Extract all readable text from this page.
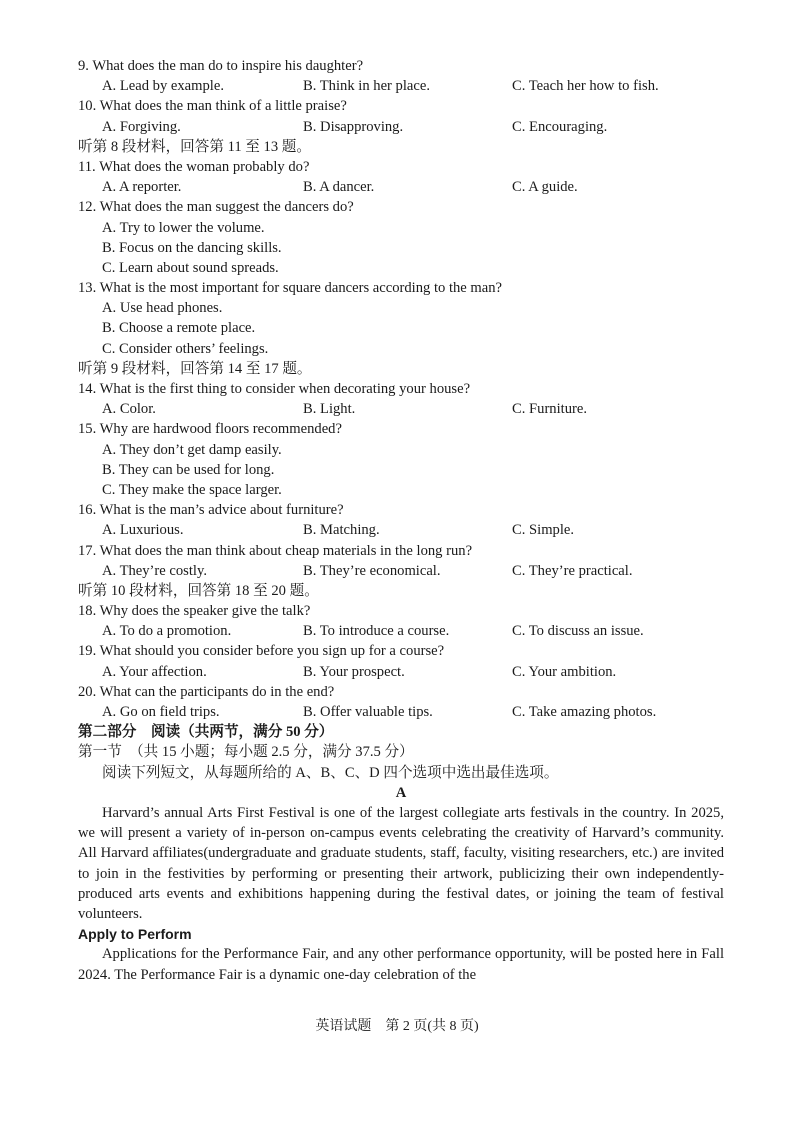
9. What does the man do to inspire his daughter?
A. Lead by example.	B. Think in her place.	C. Teach her how to fish.
10. What does the man think of a little praise?
A. Forgiving.	B. Disapproving.	C. Encouraging.
听第 8 段材料，回答第 11 至 13 题。
11. What does the woman probably do?
A. A reporter.	B. A dancer.	C. A guide.
12. What does the man suggest the dancers do?
A. Try to lower the volume.
B. Focus on the dancing skills.
C. Learn about sound spreads.
13. What is the most important for square dancers according to the man?
A. Use head phones.
B. Choose a remote place.
C. Consider others’ feelings.
听第 9 段材料，回答第 14 至 17 题。
14. What is the first thing to consider when decorating your house?
A. Color.	B. Light.	C. Furniture.
15. Why are hardwood floors recommended?
A. They don’t get damp easily.
B. They can be used for long.
C. They make the space larger.
16. What is the man’s advice about furniture?
A. Luxurious.	B. Matching.	C. Simple.
17. What does the man think about cheap materials in the long run?
A. They’re costly.	B. They’re economical.	C. They’re practical.
听第 10 段材料，回答第 18 至 20 题。
18. Why does the speaker give the talk?
A. To do a promotion.	B. To introduce a course.	C. To discuss an issue.
19. What should you consider before you sign up for a course?
A. Your affection.	B. Your prospect.	C. Your ambition.
20. What can the participants do in the end?
A. Go on field trips.	B. Offer valuable tips.	C. Take amazing photos.
第二部分　阅读（共两节，满分 50 分）
第一节　（共 15 小题；每小题 2.5 分，满分 37.5 分）
阅读下列短文，从每题所给的 A、B、C、D 四个选项中选出最佳选项。
A
Harvard’s annual Arts First Festival is one of the largest collegiate arts festivals in the country. In 2025, we will present a variety of in-person on-campus events celebrating the creativity of Harvard’s community. All Harvard affiliates(undergraduate and graduate students, staff, faculty, visiting researchers, etc.) are invited to join in the festivities by performing or presenting their artwork, publicizing their own independently-produced arts events and exhibitions happening during the festival dates, or joining the team of festival volunteers.
Apply to Perform
Applications for the Performance Fair, and any other performance opportunity, will be posted here in Fall 2024. The Performance Fair is a dynamic one-day celebration of the
英语试题　第 2 页(共 8 页)
